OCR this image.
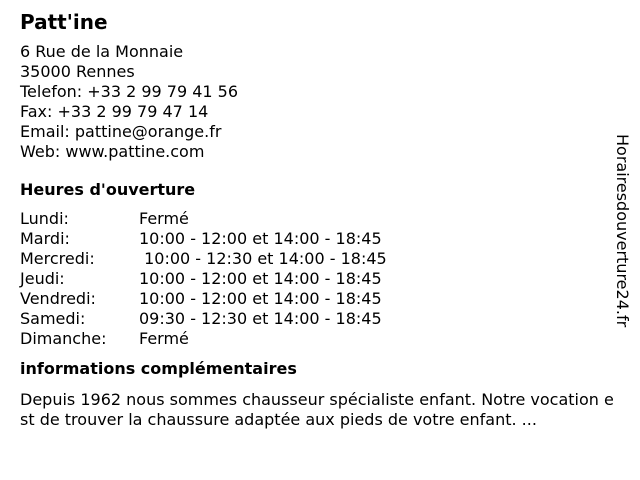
Patt'ine
6 Rue de la Monnaie
35000 Rennes
Telefon: +33 2 99 79 41 56
Fax: +33 2 99 79 47 14
Email: pattine@orange.fr
Web: www.pattine.com
Heures d'ouverture
Lundi:	Fermé
Mardi:	10:00 - 12:00 et 14:00 - 18:45
Mercredi:	10:00 - 12:30 et 14:00 - 18:45
Jeudi:	10:00 - 12:00 et 14:00 - 18:45
Vendredi:	10:00 - 12:00 et 14:00 - 18:45
Samedi:	09:30 - 12:30 et 14:00 - 18:45
Dimanche:	Fermé
informations complémentaires
Depuis 1962 nous sommes chausseur spécialiste enfant. Notre vocation est de trouver la chaussure adaptée aux pieds de votre enfant. ...
Horairesdouverture24.fr
